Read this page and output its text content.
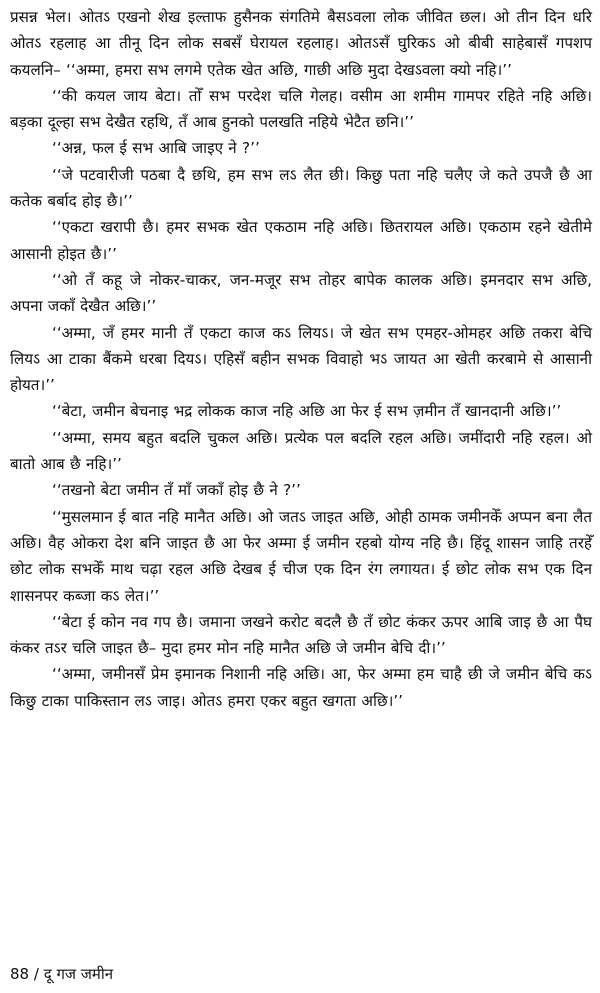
प्रसन्न भेल। ओतऽ एखनो शेख इल्ताफ हुसैनक संगतिमे बैसऽवला लोक जीवित छल। ओ तीन दिन धरि ओतऽ रहलाह आ तीनू दिन लोक सबसँ घेरायल रहलाह। ओतऽसँ घुरिकऽ ओ बीबी साहेबासँ गपशप कयलनि– ‘‘अम्मा, हमरा सभ लगमे एतेक खेत अछि, गाछी अछि मुदा देखऽवला क्यो नहि।’’

‘‘की कयल जाय बेटा। तोँ सभ परदेश चलि गेलह। वसीम आ शमीम गामपर रहिते नहि अछि। बड़का दूल्हा सभ देखैत रहथि, तँ आब हुनको पलखति नहिये भेटैत छनि।’’

‘‘अन्न, फल ई सभ आबि जाइए ने ?’’

‘‘जे पटवारीजी पठबा दै छथि, हम सभ लऽ लैत छी। किछु पता नहि चलैए जे कते उपजै छै आ कतेक बर्बाद होइ छै।’’

‘‘एकटा खरापी छै। हमर सभक खेत एकठाम नहि अछि। छितरायल अछि। एकठाम रहने खेतीमे आसानी होइत छै।’’

‘‘ओ तँ कहू जे नोकर-चाकर, जन-मजूर सभ तोहर बापेक कालक अछि। इमनदार सभ अछि, अपना जकाँ देखैत अछि।’’

‘‘अम्मा, जँ हमर मानी तँ एकटा काज कऽ लियऽ। जे खेत सभ एमहर-ओमहर अछि तकरा बेचि लियऽ आ टाका बैंकमे धरबा दियऽ। एहिसँ बहीन सभक विवाहो भऽ जायत आ खेती करबामे से आसानी होयत।’’

‘‘बेटा, जमीन बेचनाइ भद्र लोकक काज नहि अछि आ फेर ई सभ ज़मीन तँ खानदानी अछि।’’

‘‘अम्मा, समय बहुत बदलि चुकल अछि। प्रत्येक पल बदलि रहल अछि। जमींदारी नहि रहल। ओ बातो आब छै नहि।’’

‘‘तखनो बेटा जमीन तँ माँ जकाँ होइ छै ने ?’’

‘‘मुसलमान ई बात नहि मानैत अछि। ओ जतऽ जाइत अछि, ओही ठामक जमीनकेँ अप्पन बना लैत अछि। वैह ओकरा देश बनि जाइत छै आ फेर अम्मा ई जमीन रहबो योग्य नहि छै। हिंदू शासन जाहि तरहेँ छोट लोक सभकेँ माथ चढ़ा रहल अछि देखब ई चीज एक दिन रंग लगायत। ई छोट लोक सभ एक दिन शासनपर कब्जा कऽ लेत।’’

‘‘बेटा ई कोन नव गप छै। जमाना जखने करोट बदलै छै तँ छोट कंकर ऊपर आबि जाइ छै आ पैघ कंकर तऽर चलि जाइत छै– मुदा हमर मोन नहि मानैत अछि जे जमीन बेचि दी।’’

‘‘अम्मा, जमीनसँ प्रेम इमानक निशानी नहि अछि। आ, फेर अम्मा हम चाहै छी जे जमीन बेचि कऽ किछु टाका पाकिस्तान लऽ जाइ। ओतऽ हमरा एकर बहुत खगता अछि।’’

88 / दू गज जमीन
